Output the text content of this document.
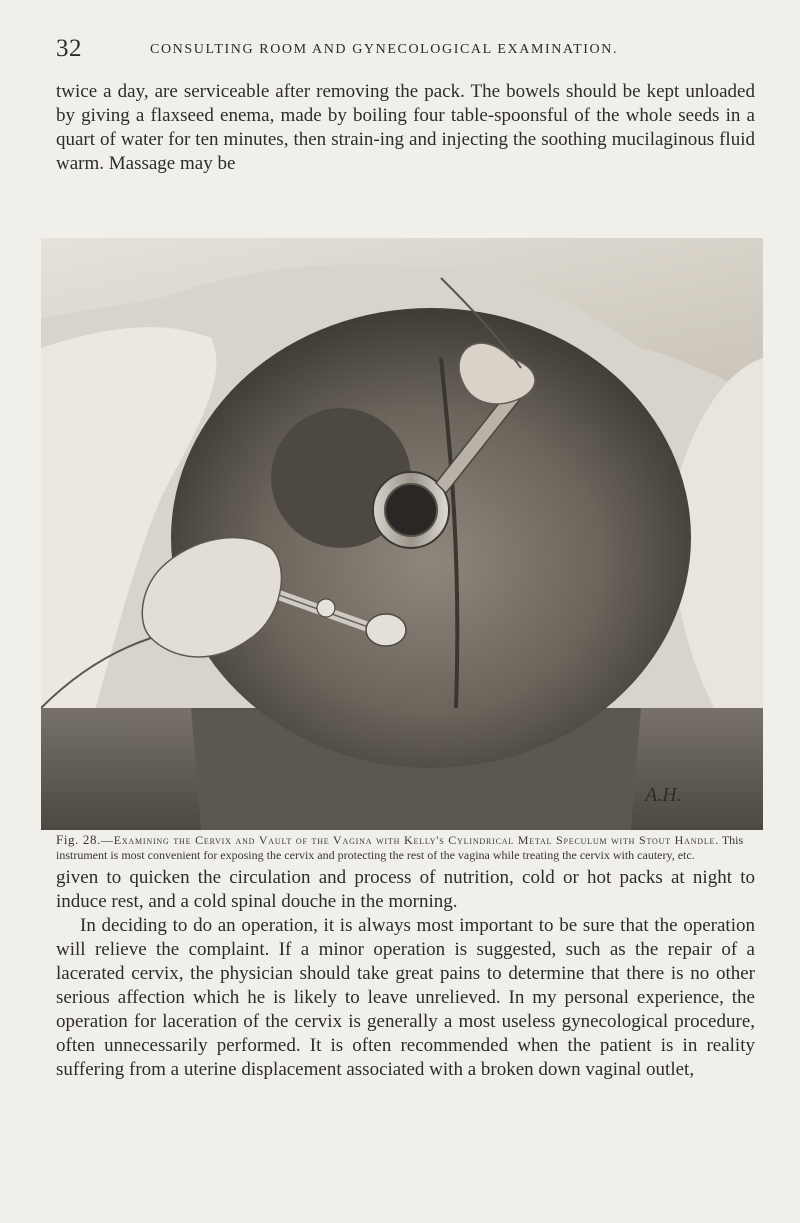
32	CONSULTING ROOM AND GYNECOLOGICAL EXAMINATION.

twice a day, are serviceable after removing the pack. The bowels should be kept unloaded by giving a flaxseed enema, made by boiling four table-spoonsful of the whole seeds in a quart of water for ten minutes, then strain-ing and injecting the soothing mucilaginous fluid warm. Massage may be

A.H.
Fig. 28.—Examining the Cervix and Vault of the Vagina with Kelly's Cylindrical Metal Speculum with Stout Handle. This instrument is most convenient for exposing the cervix and protecting the rest of the vagina while treating the cervix with cautery, etc.

given to quicken the circulation and process of nutrition, cold or hot packs at night to induce rest, and a cold spinal douche in the morning.

In deciding to do an operation, it is always most important to be sure that the operation will relieve the complaint. If a minor operation is suggested, such as the repair of a lacerated cervix, the physician should take great pains to determine that there is no other serious affection which he is likely to leave unrelieved. In my personal experience, the operation for laceration of the cervix is generally a most useless gynecological procedure, often unnecessarily performed. It is often recommended when the patient is in reality suffering from a uterine displacement associated with a broken down vaginal outlet,
